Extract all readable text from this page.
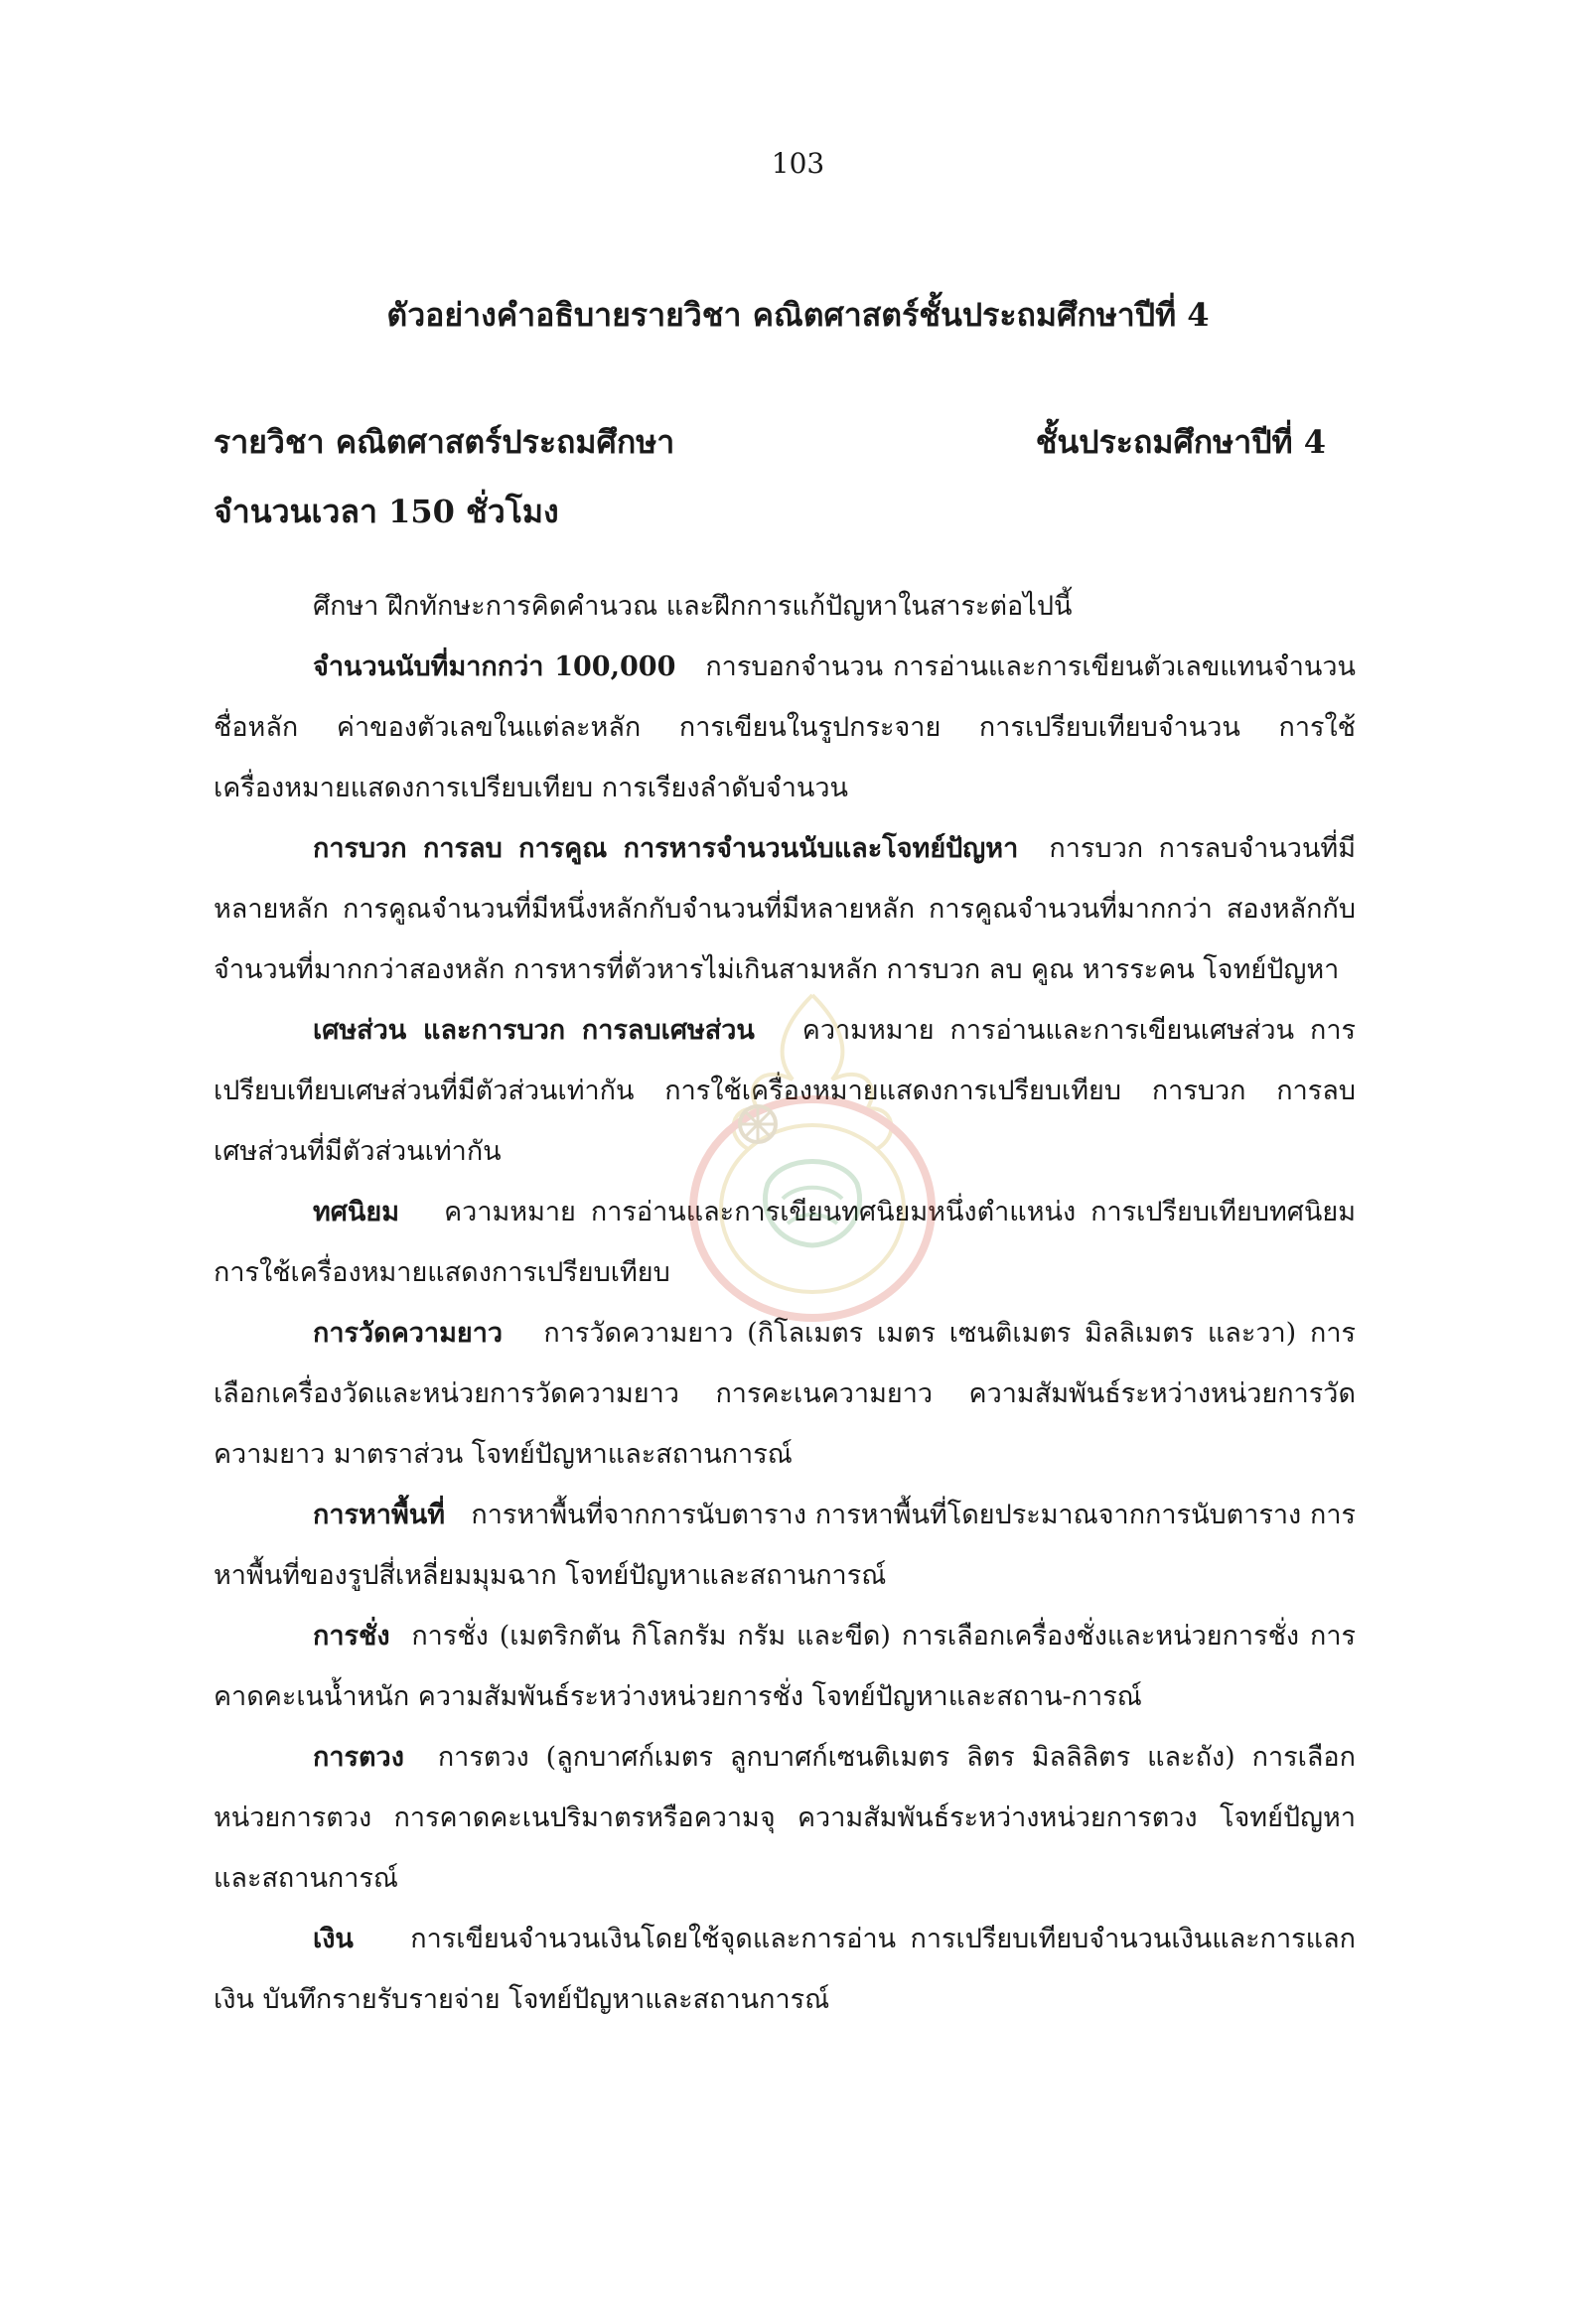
103
ตัวอย่างคำอธิบายรายวิชา คณิตศาสตร์ชั้นประถมศึกษาปีที่ 4
รายวิชา คณิตศาสตร์ประถมศึกษา	ชั้นประถมศึกษาปีที่ 4
จำนวนเวลา 150 ชั่วโมง

ศึกษา ฝึกทักษะการคิดคำนวณ และฝึกการแก้ปัญหาในสาระต่อไปนี้

จำนวนนับที่มากกว่า 100,000 การบอกจำนวน การอ่านและการเขียนตัวเลขแทนจำนวน ชื่อหลัก ค่าของตัวเลขในแต่ละหลัก การเขียนในรูปกระจาย การเปรียบเทียบจำนวน การใช้เครื่องหมายแสดงการเปรียบเทียบ การเรียงลำดับจำนวน

การบวก การลบ การคูณ การหารจำนวนนับและโจทย์ปัญหา การบวก การลบจำนวนที่มีหลายหลัก การคูณจำนวนที่มีหนึ่งหลักกับจำนวนที่มีหลายหลัก การคูณจำนวนที่มากกว่า สองหลักกับจำนวนที่มากกว่าสองหลัก การหารที่ตัวหารไม่เกินสามหลัก การบวก ลบ คูณ หารระคน โจทย์ปัญหา

เศษส่วน และการบวก การลบเศษส่วน ความหมาย การอ่านและการเขียนเศษส่วน การเปรียบเทียบเศษส่วนที่มีตัวส่วนเท่ากัน การใช้เครื่องหมายแสดงการเปรียบเทียบ การบวก การลบเศษส่วนที่มีตัวส่วนเท่ากัน

ทศนิยม ความหมาย การอ่านและการเขียนทศนิยมหนึ่งตำแหน่ง การเปรียบเทียบทศนิยม การใช้เครื่องหมายแสดงการเปรียบเทียบ

การวัดความยาว การวัดความยาว (กิโลเมตร เมตร เซนติเมตร มิลลิเมตร และวา) การเลือกเครื่องวัดและหน่วยการวัดความยาว การคะเนความยาว ความสัมพันธ์ระหว่างหน่วยการวัดความยาว มาตราส่วน โจทย์ปัญหาและสถานการณ์

การหาพื้นที่ การหาพื้นที่จากการนับตาราง การหาพื้นที่โดยประมาณจากการนับตาราง การหาพื้นที่ของรูปสี่เหลี่ยมมุมฉาก โจทย์ปัญหาและสถานการณ์

การชั่ง การชั่ง (เมตริกตัน กิโลกรัม กรัม และขีด) การเลือกเครื่องชั่งและหน่วยการชั่ง การคาดคะเนน้ำหนัก ความสัมพันธ์ระหว่างหน่วยการชั่ง โจทย์ปัญหาและสถาน-การณ์

การตวง การตวง (ลูกบาศก์เมตร ลูกบาศก์เซนติเมตร ลิตร มิลลิลิตร และถัง) การเลือกหน่วยการตวง การคาดคะเนปริมาตรหรือความจุ ความสัมพันธ์ระหว่างหน่วยการตวง โจทย์ปัญหาและสถานการณ์

เงิน การเขียนจำนวนเงินโดยใช้จุดและการอ่าน การเปรียบเทียบจำนวนเงินและการแลกเงิน บันทึกรายรับรายจ่าย โจทย์ปัญหาและสถานการณ์
